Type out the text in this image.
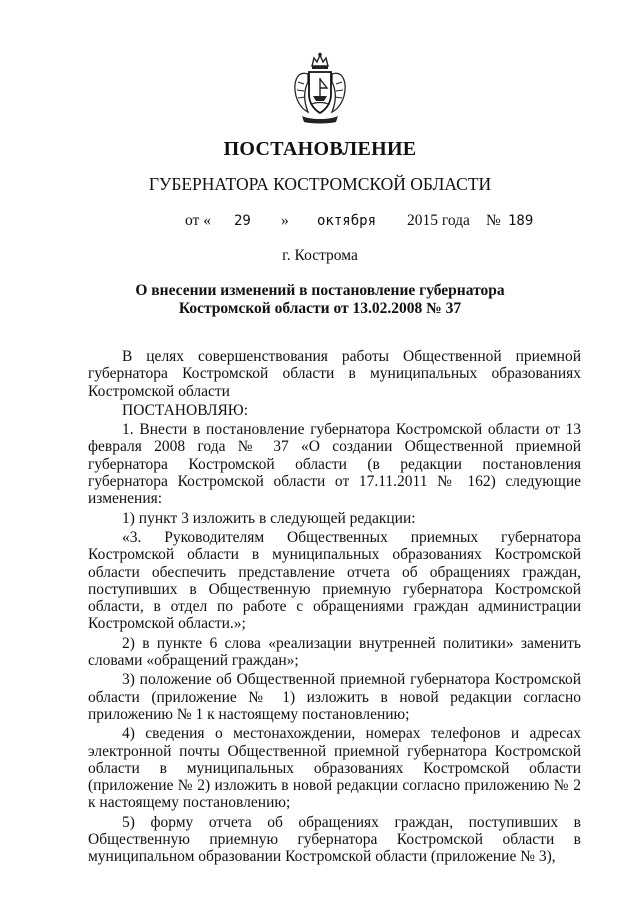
ПОСТАНОВЛЕНИЕ
ГУБЕРНАТОРА КОСТРОМСКОЙ ОБЛАСТИ
от « 29 » октября 2015 года № 189
г. Кострома
О внесении изменений в постановление губернатора
Костромской области от 13.02.2008 № 37

В целях совершенствования работы Общественной приемной губернатора Костромской области в муниципальных образованиях Костромской области

ПОСТАНОВЛЯЮ:

1. Внести в постановление губернатора Костромской области от 13 февраля 2008 года № 37 «О создании Общественной приемной губернатора Костромской области (в редакции постановления губернатора Костромской области от 17.11.2011 № 162) следующие изменения:

1) пункт 3 изложить в следующей редакции:

«3. Руководителям Общественных приемных губернатора Костромской области в муниципальных образованиях Костромской области обеспечить представление отчета об обращениях граждан, поступивших в Общественную приемную губернатора Костромской области, в отдел по работе с обращениями граждан администрации Костромской области.»;

2) в пункте 6 слова «реализации внутренней политики» заменить словами «обращений граждан»;

3) положение об Общественной приемной губернатора Костромской области (приложение № 1) изложить в новой редакции согласно приложению № 1 к настоящему постановлению;

4) сведения о местонахождении, номерах телефонов и адресах электронной почты Общественной приемной губернатора Костромской области в муниципальных образованиях Костромской области (приложение № 2) изложить в новой редакции согласно приложению № 2 к настоящему постановлению;

5) форму отчета об обращениях граждан, поступивших в Общественную приемную губернатора Костромской области в муниципальном образовании Костромской области (приложение № 3),
